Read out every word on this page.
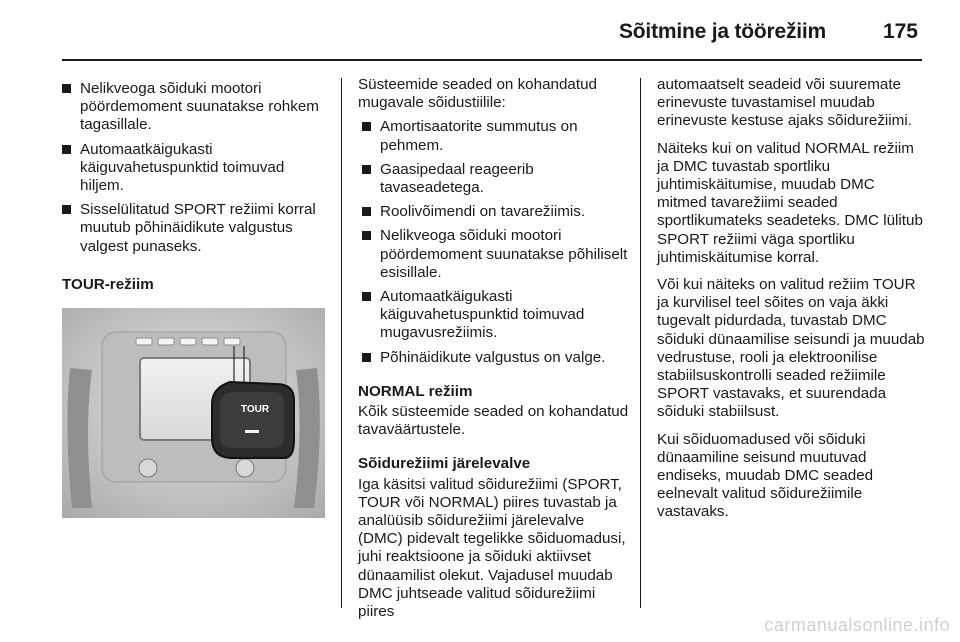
Sõitmine ja töörežiim	175
Nelikveoga sõiduki mootori pöördemoment suunatakse rohkem tagasillale.
Automaatkäigukasti käiguvahetuspunktid toimuvad hiljem.
Sisselülitatud SPORT režiimi korral muutub põhinäidikute valgustus valgest punaseks.
TOUR-režiim
TOUR

Süsteemide seaded on kohandatud mugavale sõidustiilile:

Amortisaatorite summutus on pehmem.
Gaasipedaal reageerib tavaseadetega.
Roolivõimendi on tavarežiimis.
Nelikveoga sõiduki mootori pöördemoment suunatakse põhiliselt esisillale.
Automaatkäigukasti käiguvahetuspunktid toimuvad mugavusrežiimis.
Põhinäidikute valgustus on valge.
NORMAL režiim

Kõik süsteemide seaded on kohandatud tavaväärtustele.

Sõidurežiimi järelevalve

Iga käsitsi valitud sõidurežiimi (SPORT, TOUR või NORMAL) piires tuvastab ja analüüsib sõidurežiimi järelevalve (DMC) pidevalt tegelikke sõiduomadusi, juhi reaktsioone ja sõiduki aktiivset dünaamilist olekut. Vajadusel muudab DMC juhtseade valitud sõidurežiimi piires

automaatselt seadeid või suuremate erinevuste tuvastamisel muudab erinevuste kestuse ajaks sõidurežiimi.

Näiteks kui on valitud NORMAL režiim ja DMC tuvastab sportliku juhtimiskäitumise, muudab DMC mitmed tavarežiimi seaded sportlikumateks seadeteks. DMC lülitub SPORT režiimi väga sportliku juhtimiskäitumise korral.

Või kui näiteks on valitud režiim TOUR ja kurvilisel teel sõites on vaja äkki tugevalt pidurdada, tuvastab DMC sõiduki dünaamilise seisundi ja muudab vedrustuse, rooli ja elektroonilise stabiilsuskontrolli seaded režiimile SPORT vastavaks, et suurendada sõiduki stabiilsust.

Kui sõiduomadused või sõiduki dünaamiline seisund muutuvad endiseks, muudab DMC seaded eelnevalt valitud sõidurežiimile vastavaks.

carmanualsonline.info
